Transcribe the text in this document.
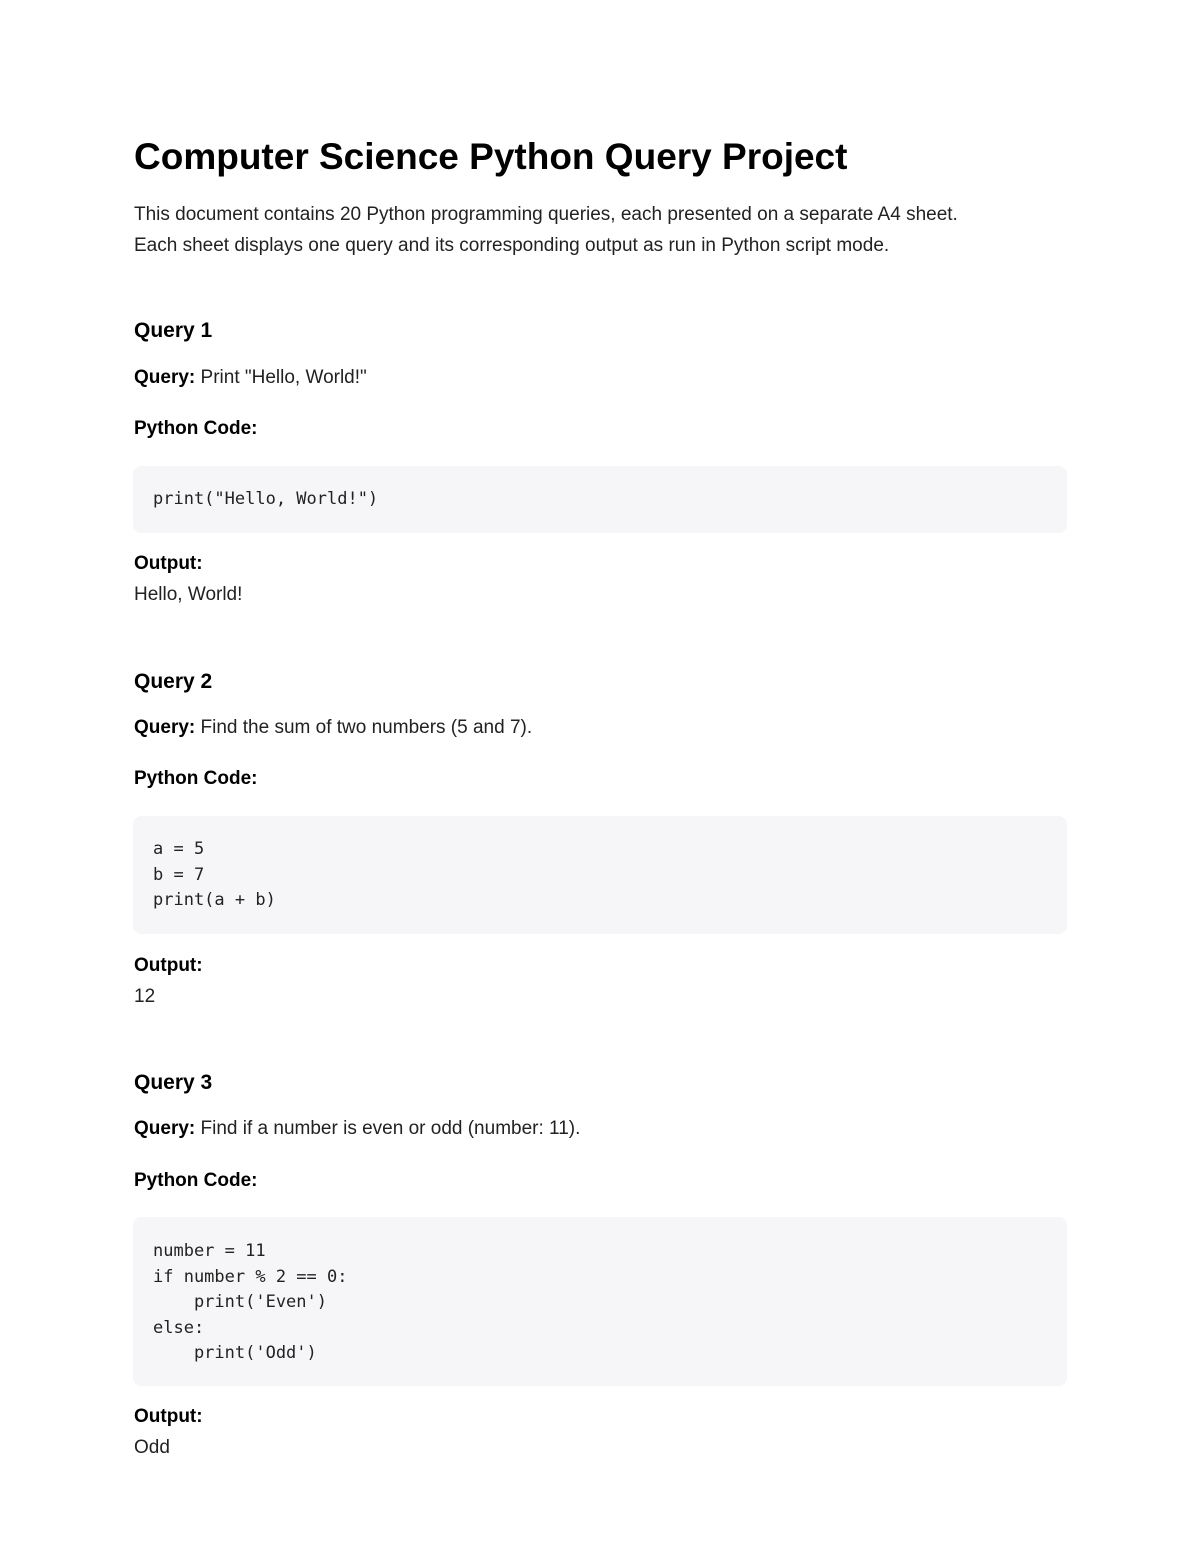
Computer Science Python Query Project

This document contains 20 Python programming queries, each presented on a separate A4 sheet.
Each sheet displays one query and its corresponding output as run in Python script mode.

Query 1

Query: Print "Hello, World!"

Python Code:

print("Hello, World!")

Output:

Hello, World!

Query 2

Query: Find the sum of two numbers (5 and 7).

Python Code:

a = 5
b = 7
print(a + b)

Output:

12

Query 3

Query: Find if a number is even or odd (number: 11).

Python Code:

number = 11
if number % 2 == 0:
print('Even')
else:
print('Odd')

Output:

Odd
